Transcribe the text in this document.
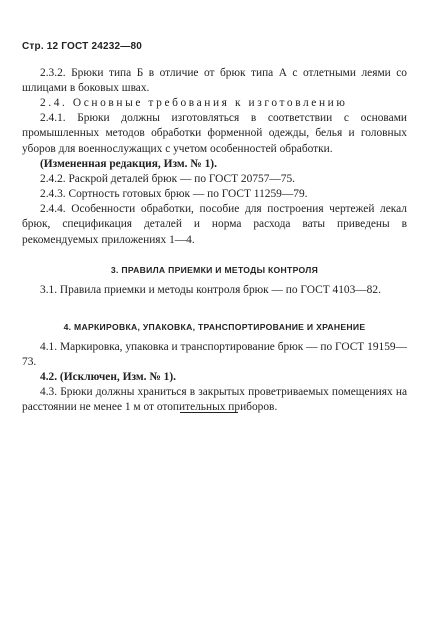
Стр. 12 ГОСТ 24232—80
2.3.2. Брюки типа Б в отличие от брюк типа А с отлетными леями со шлицами в боковых швах.
2.4. Основные требования к изготовлению
2.4.1. Брюки должны изготовляться в соответствии с основами промышленных методов обработки форменной одежды, белья и головных уборов для военнослужащих с учетом особенностей обработки.
(Измененная редакция, Изм. № 1).
2.4.2. Раскрой деталей брюк — по ГОСТ 20757—75.
2.4.3. Сортность готовых брюк — по ГОСТ 11259—79.
2.4.4. Особенности обработки, пособие для построения чертежей лекал брюк, спецификация деталей и норма расхода ваты приведены в рекомендуемых приложениях 1—4.
3. ПРАВИЛА ПРИЕМКИ И МЕТОДЫ КОНТРОЛЯ
3.1. Правила приемки и методы контроля брюк — по ГОСТ 4103—82.
4. МАРКИРОВКА, УПАКОВКА, ТРАНСПОРТИРОВАНИЕ И ХРАНЕНИЕ
4.1. Маркировка, упаковка и транспортирование брюк — по ГОСТ 19159—73.
4.2. (Исключен, Изм. № 1).
4.3. Брюки должны храниться в закрытых проветриваемых помещениях на расстоянии не менее 1 м от отопительных приборов.
